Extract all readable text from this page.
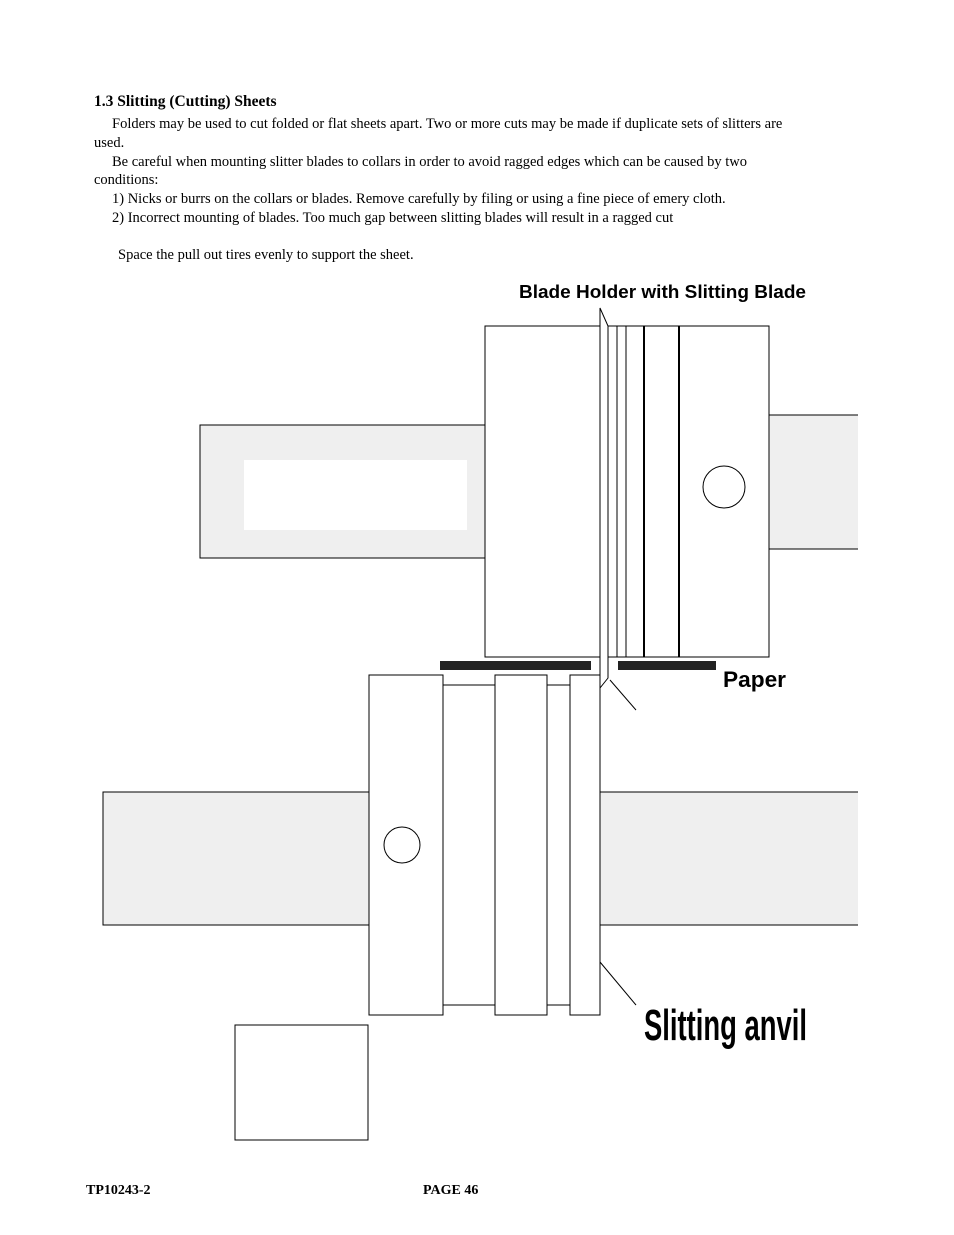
1.3 Slitting (Cutting) Sheets
Folders may be used to cut folded or flat sheets apart. Two or more cuts may be made if duplicate sets of slitters are
used.
Be careful when mounting slitter blades to collars in order to avoid ragged edges which can be caused by two
conditions:
1) Nicks or burrs on the collars or blades. Remove carefully by filing or using a fine piece of emery cloth.
2) Incorrect mounting of blades. Too much gap between slitting blades will result in a ragged cut
Space the pull out tires evenly to support the sheet.
Blade Holder with Slitting Blade
Paper
Slitting anvil
TP10243-2	PAGE 46
